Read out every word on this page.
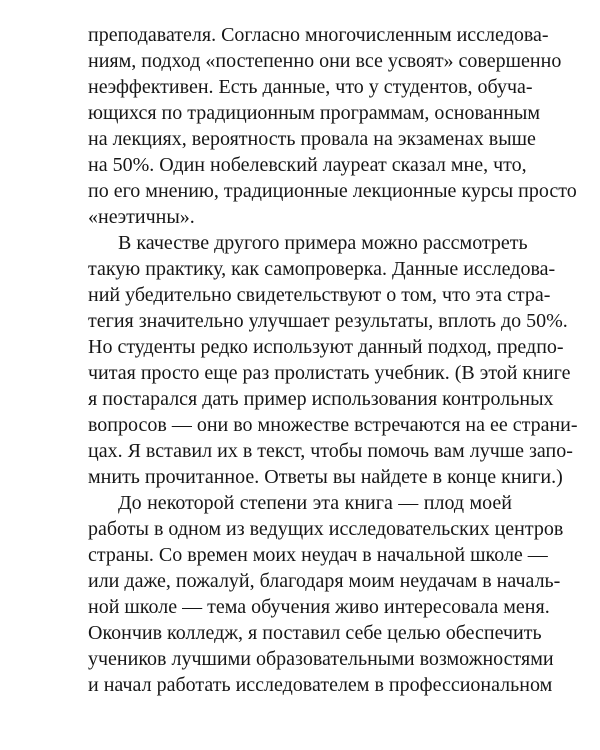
преподавателя. Согласно многочисленным исследова-
ниям, подход «постепенно они все усвоят» совершенно
неэффективен. Есть данные, что у студентов, обуча-
ющихся по традиционным программам, основанным
на лекциях, вероятность провала на экзаменах выше
на 50%. Один нобелевский лауреат сказал мне, что,
по его мнению, традиционные лекционные курсы просто
«неэтичны».
В качестве другого примера можно рассмотреть
такую практику, как самопроверка. Данные исследова-
ний убедительно свидетельствуют о том, что эта стра-
тегия значительно улучшает результаты, вплоть до 50%.
Но студенты редко используют данный подход, предпо-
читая просто еще раз пролистать учебник. (В этой книге
я постарался дать пример использования контрольных
вопросов — они во множестве встречаются на ее страни-
цах. Я вставил их в текст, чтобы помочь вам лучше запо-
мнить прочитанное. Ответы вы найдете в конце книги.)
До некоторой степени эта книга — плод моей
работы в одном из ведущих исследовательских центров
страны. Со времен моих неудач в начальной школе —
или даже, пожалуй, благодаря моим неудачам в началь-
ной школе — тема обучения живо интересовала меня.
Окончив колледж, я поставил себе целью обеспечить
учеников лучшими образовательными возможностями
и начал работать исследователем в профессиональном
